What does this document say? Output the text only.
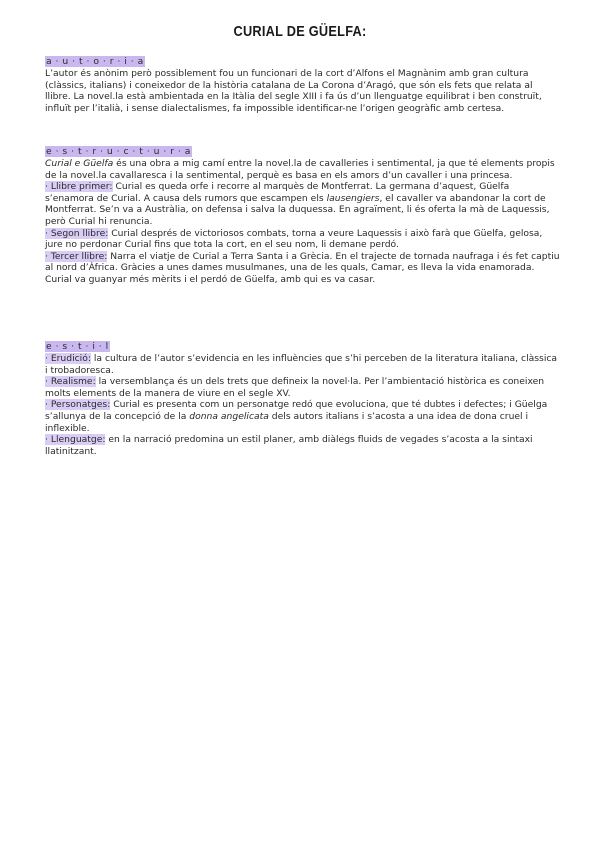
CURIAL DE GÜELFA:
a · u · t · o · r · i · a

L’autor és anònim però possiblement fou un funcionari de la cort d’Alfons el Magnànim amb gran cultura (clàssics, italians) i coneixedor de la història catalana de La Corona d’Aragó, que són els fets que relata al llibre. La novel.la està ambientada en la Itàlia del segle XIII i fa ús d’un llenguatge equilibrat i ben construït, influït per l’italià, i sense dialectalismes, fa impossible identificar-ne l’origen geogràfic amb certesa.

e · s · t · r · u · c · t · u · r · a

Curial e Güelfa és una obra a mig camí entre la novel.la de cavalleries i sentimental, ja que té elements propis de la novel.la cavallaresca i la sentimental, perquè es basa en els amors d’un cavaller i una princesa.

· Llibre primer: Curial es queda orfe i recorre al marquès de Montferrat. La germana d’aquest, Güelfa s’enamora de Curial. A causa dels rumors que escampen els lausengiers, el cavaller va abandonar la cort de Montferrat. Se’n va a Austràlia, on defensa i salva la duquessa. En agraïment, li és oferta la mà de Laquessis, però Curial hi renuncia.

· Segon llibre: Curial després de victoriosos combats, torna a veure Laquessis i això farà que Güelfa, gelosa, jure no perdonar Curial fins que tota la cort, en el seu nom, li demane perdó.

· Tercer llibre: Narra el viatje de Curial a Terra Santa i a Grècia. En el trajecte de tornada naufraga i és fet captiu al nord d’Àfrica. Gràcies a unes dames musulmanes, una de les quals, Camar, es lleva la vida enamorada. Curial va guanyar més mèrits i el perdó de Güelfa, amb qui es va casar.

e · s · t · i · l

· Erudició: la cultura de l’autor s’evidencia en les influències que s’hi perceben de la literatura italiana, clàssica i trobadoresca.

· Realisme: la versemblança és un dels trets que defineix la novel·la. Per l’ambientació històrica es coneixen molts elements de la manera de viure en el segle XV.

· Personatges: Curial es presenta com un personatge redó que evoluciona, que té dubtes i defectes; i Güelga s’allunya de la concepció de la donna angelicata dels autors italians i s’acosta a una idea de dona cruel i inflexible.

· Llenguatge: en la narració predomina un estil planer, amb diàlegs fluids de vegades s’acosta a la sintaxi llatinitzant.
